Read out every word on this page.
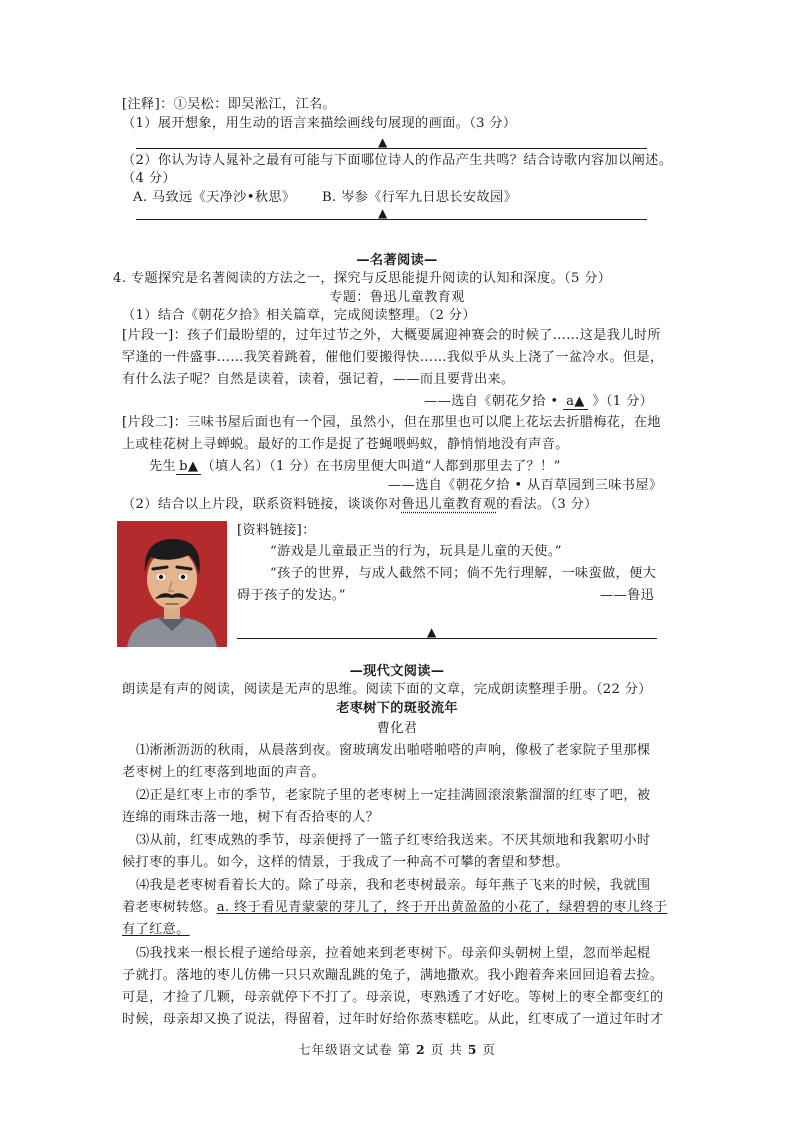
[注释]：①吴松：即吴淞江，江名。
（1）展开想象，用生动的语言来描绘画线句展现的画面。（3 分）
▲
（2）你认为诗人晁补之最有可能与下面哪位诗人的作品产生共鸣？结合诗歌内容加以阐述。
（4 分）
A. 马致远《天净沙•秋思》 B. 岑参《行军九日思长安故园》
▲
—名著阅读—
4. 专题探究是名著阅读的方法之一，探究与反思能提升阅读的认知和深度。（5 分）
专题：鲁迅儿童教育观
（1）结合《朝花夕拾》相关篇章，完成阅读整理。（2 分）
[片段一]：孩子们最盼望的，过年过节之外，大概要属迎神赛会的时候了……这是我儿时所
罕逢的一件盛事……我笑着跳着，催他们要搬得快……我似乎从头上浇了一盆冷水。但是，
有什么法子呢？自然是读着，读着，强记着，——而且要背出来。
——选自《朝花夕拾 • a▲ 》（1 分）
[片段二]：三味书屋后面也有一个园，虽然小，但在那里也可以爬上花坛去折腊梅花，在地
上或桂花树上寻蝉蜕。最好的工作是捉了苍蝇喂蚂蚁，静悄悄地没有声音。
先生 b▲ （填人名）（1 分）在书房里便大叫道“人都到那里去了？！”
——选自《朝花夕拾 • 从百草园到三味书屋》
（2）结合以上片段，联系资料链接，谈谈你对鲁迅儿童教育观的看法。（3 分）
[资料链接]：
“游戏是儿童最正当的行为，玩具是儿童的天使。”
“孩子的世界，与成人截然不同；倘不先行理解，一味蛮做，便大
碍于孩子的发达。”	——鲁迅
▲
—现代文阅读—
朗读是有声的阅读，阅读是无声的思维。阅读下面的文章，完成朗读整理手册。（22 分）
老枣树下的斑驳流年
曹化君
⑴淅淅沥沥的秋雨，从晨落到夜。窗玻璃发出啪嗒啪嗒的声响，像极了老家院子里那棵
老枣树上的红枣落到地面的声音。
⑵正是红枣上市的季节，老家院子里的老枣树上一定挂满圆滚滚紫溜溜的红枣了吧，被
连绵的雨珠击落一地，树下有否拾枣的人？
⑶从前，红枣成熟的季节，母亲便捋了一篮子红枣给我送来。不厌其烦地和我絮叨小时
候打枣的事儿。如今，这样的情景，于我成了一种高不可攀的奢望和梦想。
⑷我是老枣树看着长大的。除了母亲，我和老枣树最亲。每年燕子飞来的时候，我就围
着老枣树转悠。a. 终于看见青蒙蒙的芽儿了，终于开出黄盈盈的小花了，绿碧碧的枣儿终于
有了红意。
⑸我找来一根长棍子递给母亲，拉着她来到老枣树下。母亲仰头朝树上望，忽而举起棍
子就打。落地的枣儿仿佛一只只欢蹦乱跳的兔子，满地撒欢。我小跑着奔来回回追着去捡。
可是，才捡了几颗，母亲就停下不打了。母亲说，枣熟透了才好吃。等树上的枣全都变红的
时候，母亲却又换了说法，得留着，过年时好给你蒸枣糕吃。从此，红枣成了一道过年时才
七年级语文试卷 第 2 页 共 5 页
